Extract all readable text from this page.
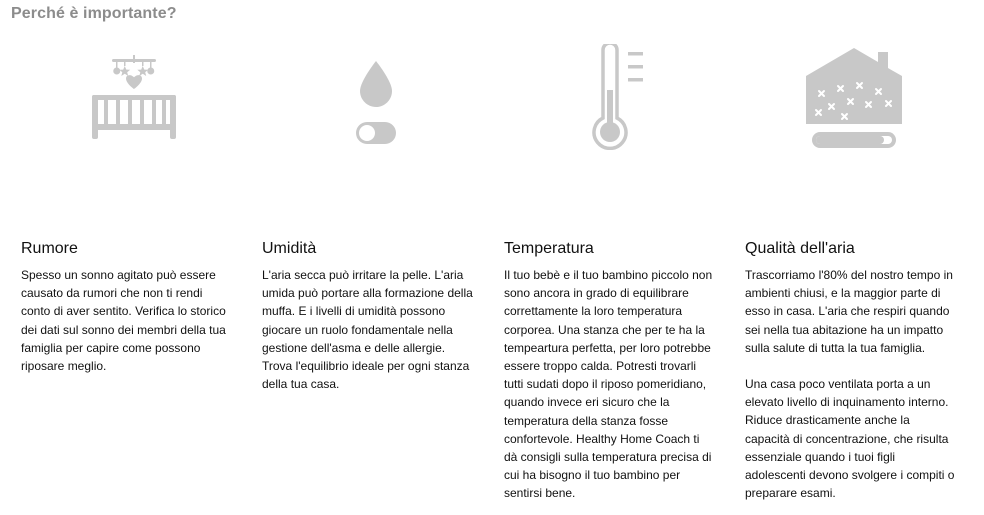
Perché è importante?
Rumore

Spesso un sonno agitato può essere causato da rumori che non ti rendi conto di aver sentito. Verifica lo storico dei dati sul sonno dei membri della tua famiglia per capire come possono riposare meglio.

Umidità

L'aria secca può irritare la pelle. L'aria umida può portare alla formazione della muffa. E i livelli di umidità possono giocare un ruolo fondamentale nella gestione dell'asma e delle allergie. Trova l'equilibrio ideale per ogni stanza della tua casa.

Temperatura

Il tuo bebè e il tuo bambino piccolo non sono ancora in grado di equilibrare correttamente la loro temperatura corporea. Una stanza che per te ha la tempeartura perfetta, per loro potrebbe essere troppo calda. Potresti trovarli tutti sudati dopo il riposo pomeridiano, quando invece eri sicuro che la temperatura della stanza fosse confortevole. Healthy Home Coach ti dà consigli sulla temperatura precisa di cui ha bisogno il tuo bambino per sentirsi bene.

Qualità dell'aria

Trascorriamo l'80% del nostro tempo in ambienti chiusi, e la maggior parte di esso in casa. L'aria che respiri quando sei nella tua abitazione ha un impatto sulla salute di tutta la tua famiglia.

Una casa poco ventilata porta a un elevato livello di inquinamento interno. Riduce drasticamente anche la capacità di concentrazione, che risulta essenziale quando i tuoi figli adolescenti devono svolgere i compiti o preparare esami.
